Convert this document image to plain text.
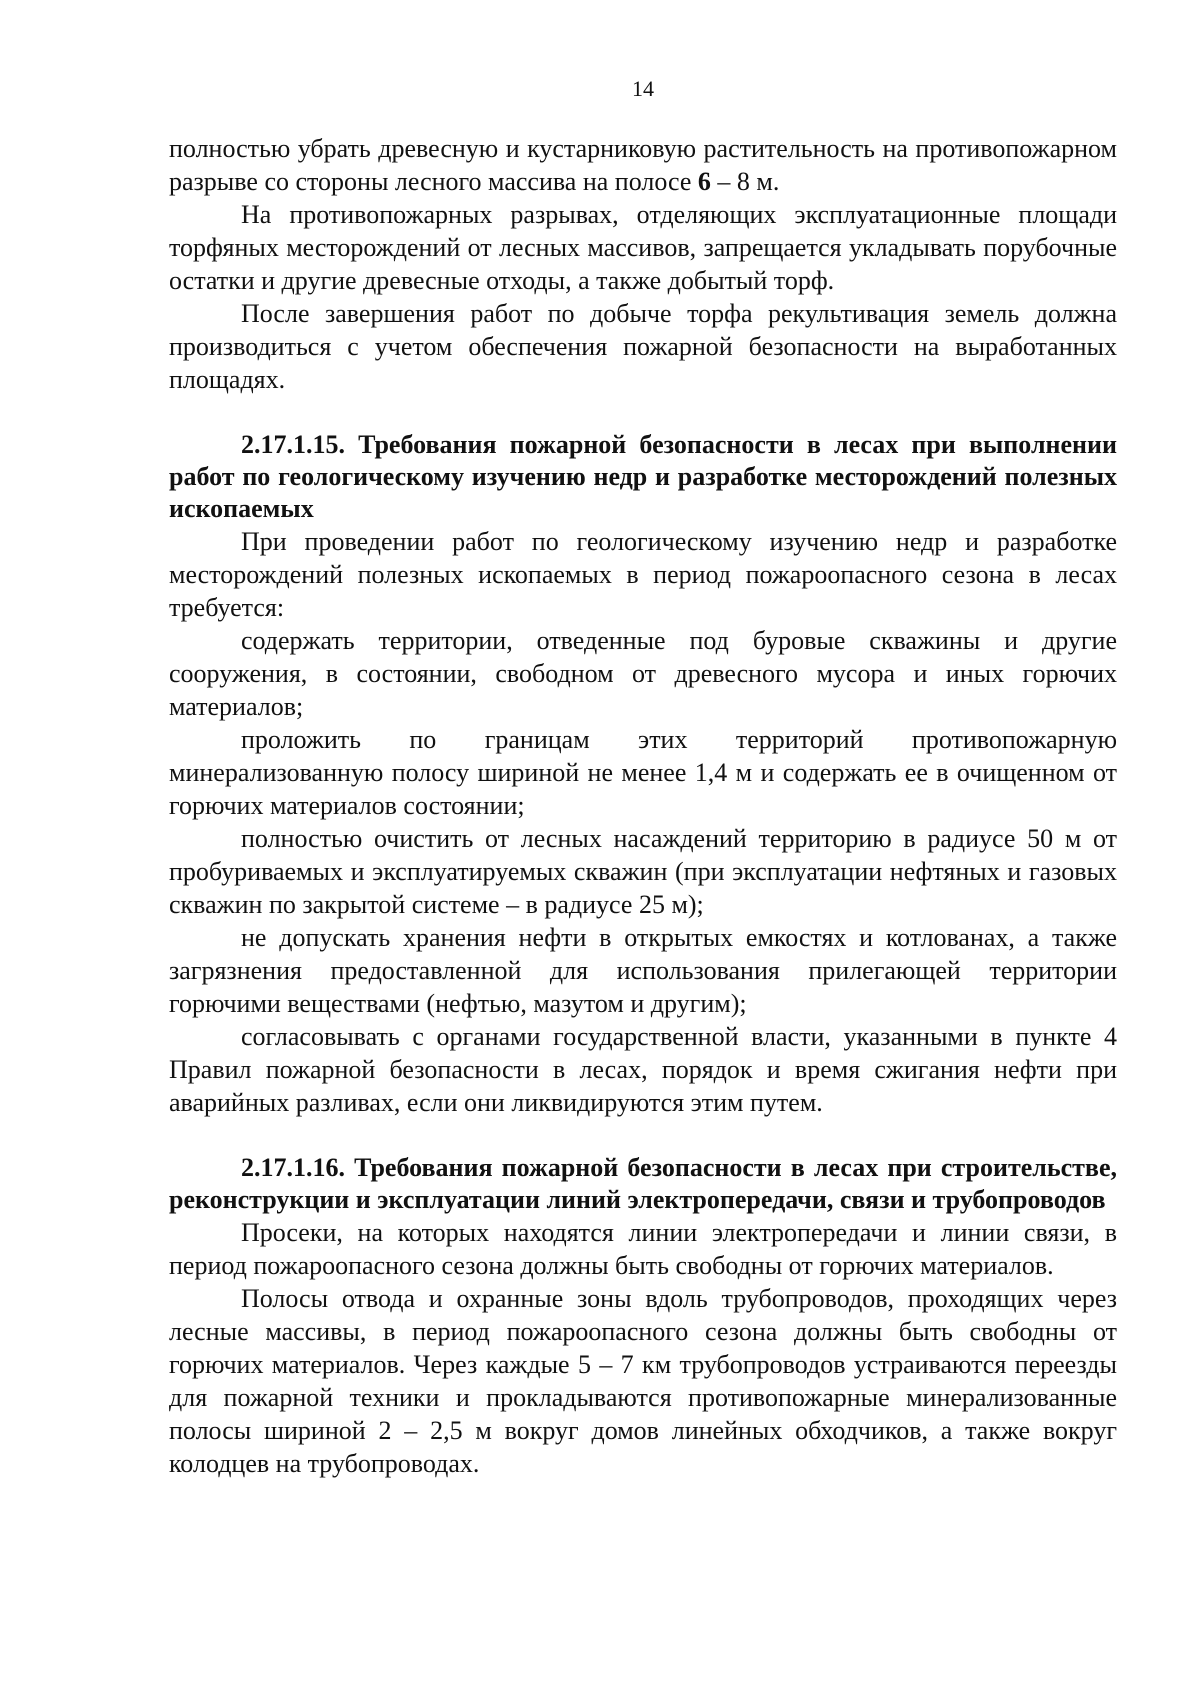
14

полностью убрать древесную и кустарниковую растительность на противопожарном разрыве со стороны лесного массива на полосе 6 – 8 м.

На противопожарных разрывах, отделяющих эксплуатационные площади торфяных месторождений от лесных массивов, запрещается укладывать порубочные остатки и другие древесные отходы, а также добытый торф.

После завершения работ по добыче торфа рекультивация земель должна производиться с учетом обеспечения пожарной безопасности на выработанных площадях.

2.17.1.15. Требования пожарной безопасности в лесах при выполнении работ по геологическому изучению недр и разработке месторождений полезных ископаемых

При проведении работ по геологическому изучению недр и разработке месторождений полезных ископаемых в период пожароопасного сезона в лесах требуется:

содержать территории, отведенные под буровые скважины и другие сооружения, в состоянии, свободном от древесного мусора и иных горючих материалов;

проложить по границам этих территорий противопожарную минерализованную полосу шириной не менее 1,4 м и содержать ее в очищенном от горючих материалов состоянии;

полностью очистить от лесных насаждений территорию в радиусе 50 м от пробуриваемых и эксплуатируемых скважин (при эксплуатации нефтяных и газовых скважин по закрытой системе – в радиусе 25 м);

не допускать хранения нефти в открытых емкостях и котлованах, а также загрязнения предоставленной для использования прилегающей территории горючими веществами (нефтью, мазутом и другим);

согласовывать с органами государственной власти, указанными в пункте 4 Правил пожарной безопасности в лесах, порядок и время сжигания нефти при аварийных разливах, если они ликвидируются этим путем.

2.17.1.16. Требования пожарной безопасности в лесах при строительстве, реконструкции и эксплуатации линий электропередачи, связи и трубопроводов

Просеки, на которых находятся линии электропередачи и линии связи, в период пожароопасного сезона должны быть свободны от горючих материалов.

Полосы отвода и охранные зоны вдоль трубопроводов, проходящих через лесные массивы, в период пожароопасного сезона должны быть свободны от горючих материалов. Через каждые 5 – 7 км трубопроводов устраиваются переезды для пожарной техники и прокладываются противопожарные минерализованные полосы шириной 2 – 2,5 м вокруг домов линейных обходчиков, а также вокруг колодцев на трубопроводах.
